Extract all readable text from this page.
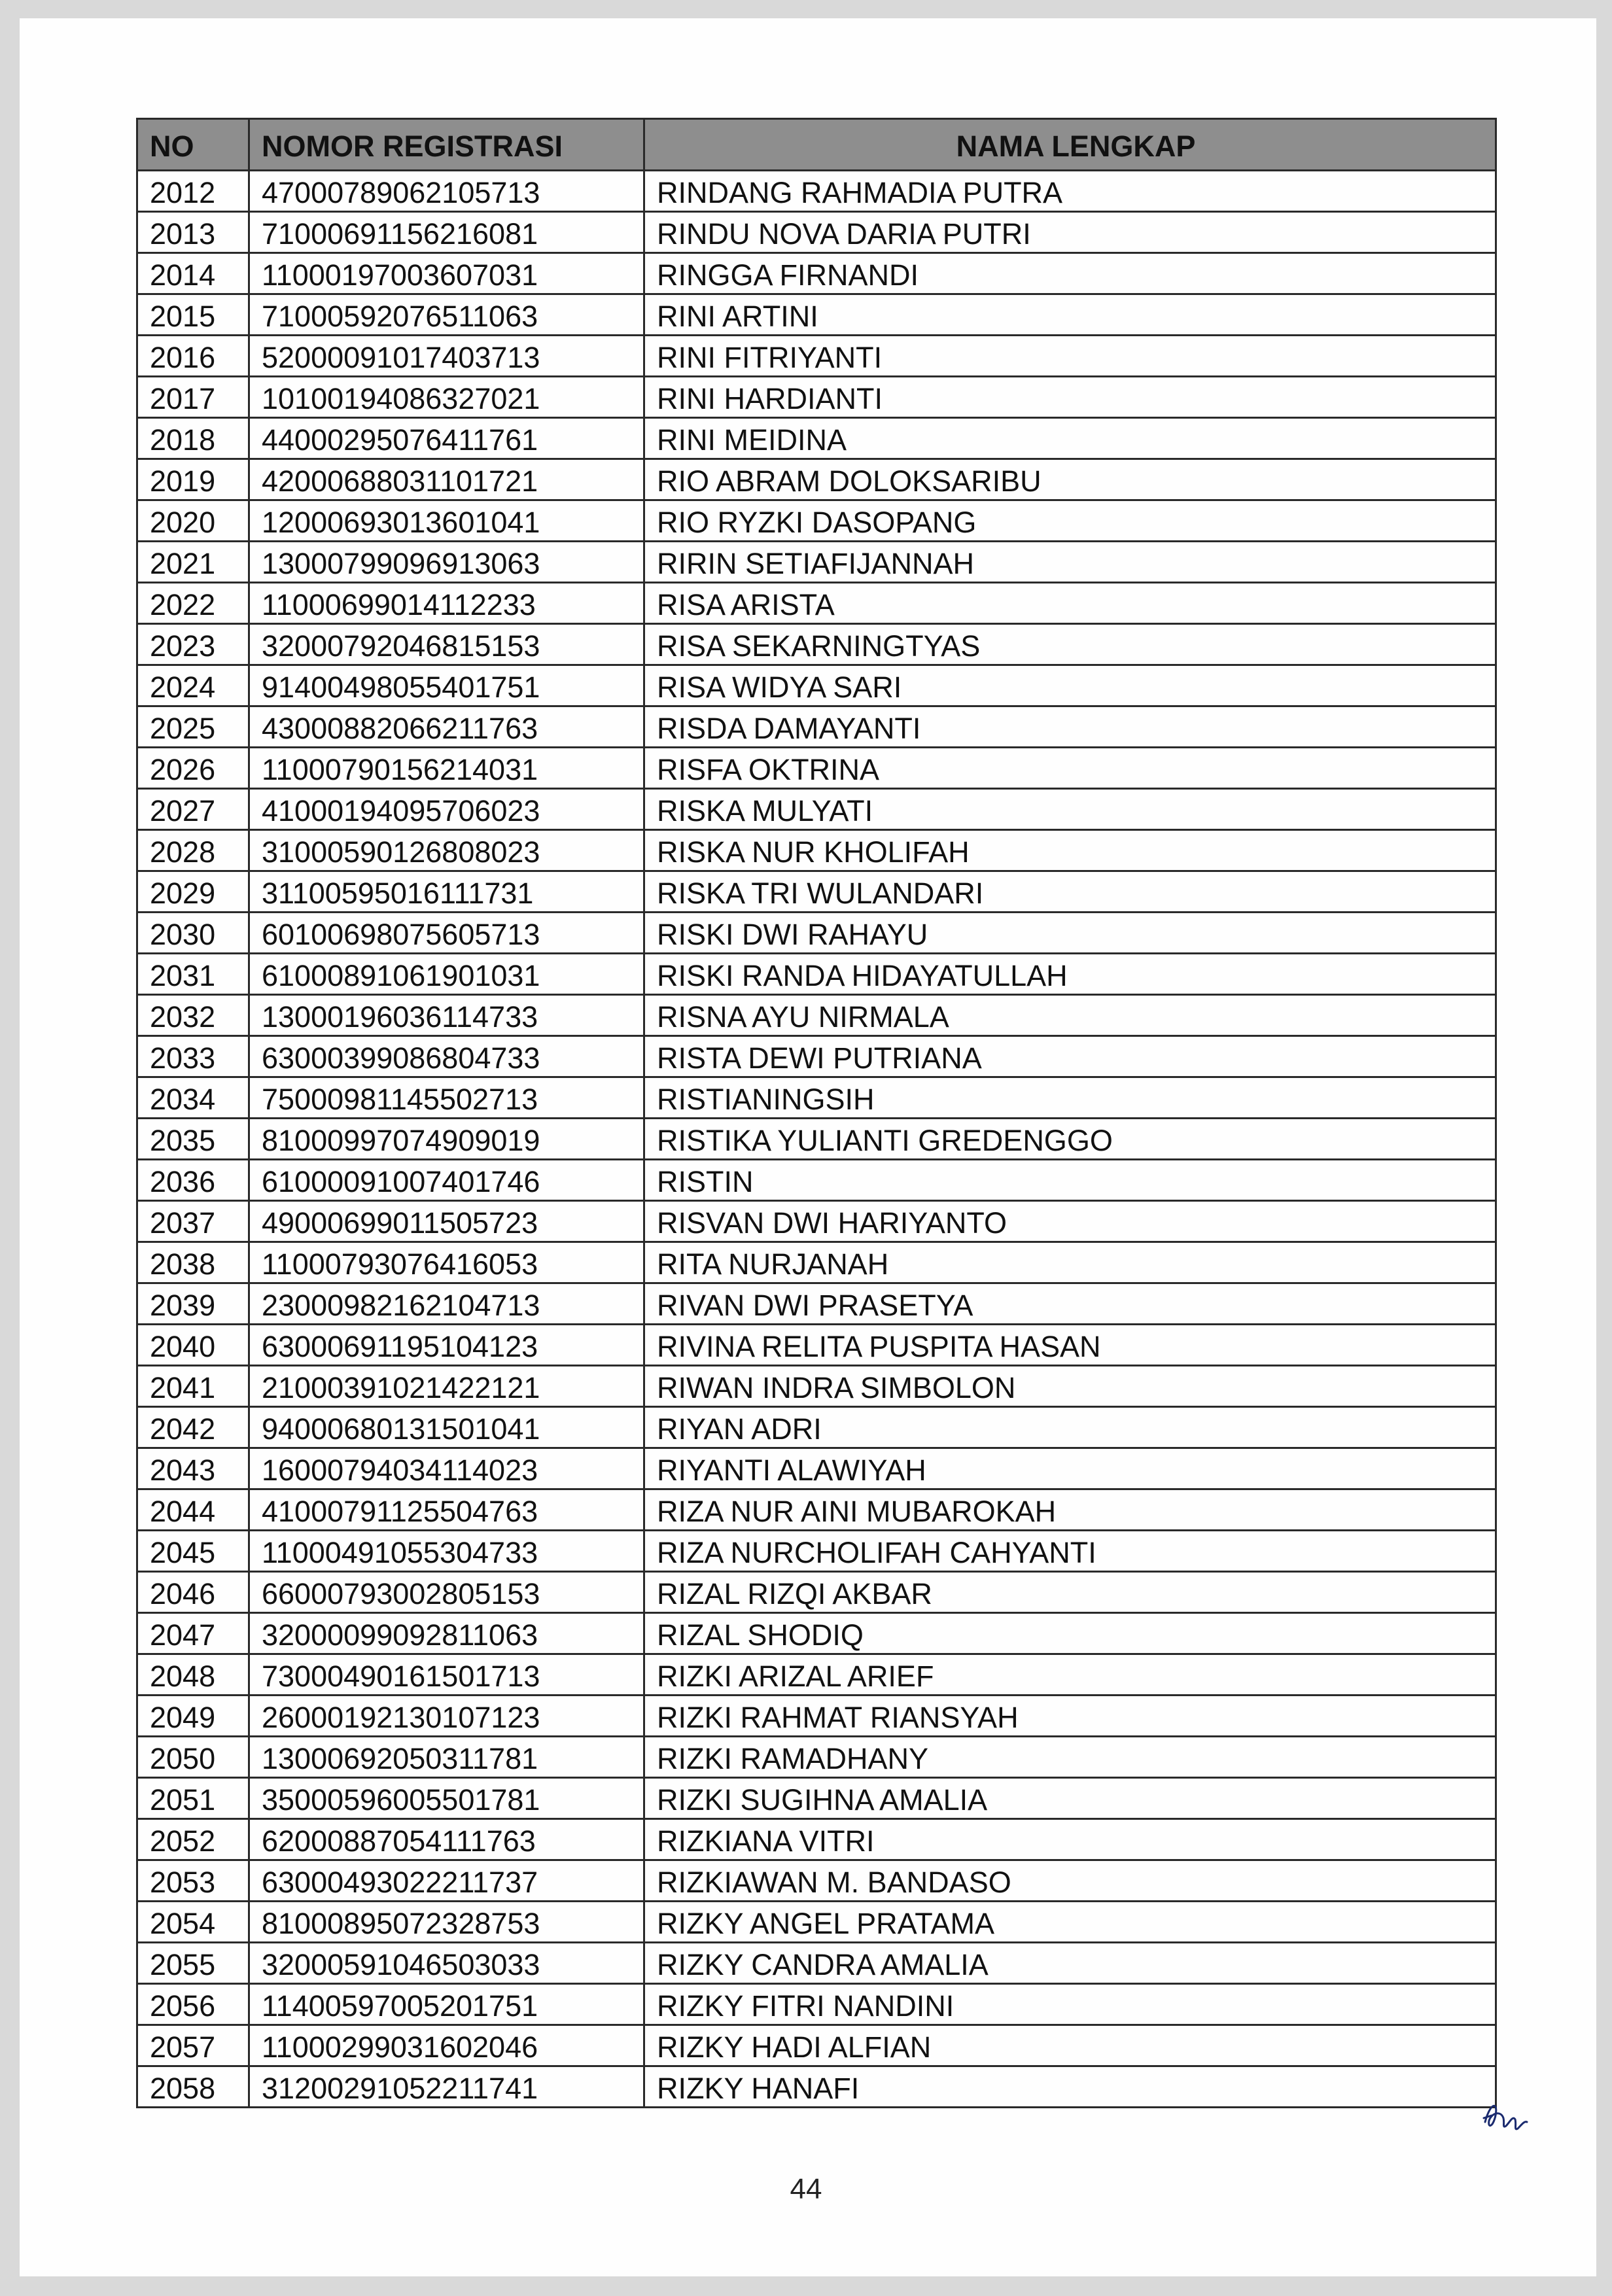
NO	NOMOR REGISTRASI	NAMA LENGKAP
2012	47000789062105713	RINDANG RAHMADIA PUTRA
2013	71000691156216081	RINDU NOVA DARIA PUTRI
2014	11000197003607031	RINGGA FIRNANDI
2015	71000592076511063	RINI ARTINI
2016	52000091017403713	RINI FITRIYANTI
2017	10100194086327021	RINI HARDIANTI
2018	44000295076411761	RINI MEIDINA
2019	42000688031101721	RIO ABRAM DOLOKSARIBU
2020	12000693013601041	RIO RYZKI DASOPANG
2021	13000799096913063	RIRIN SETIAFIJANNAH
2022	11000699014112233	RISA ARISTA
2023	32000792046815153	RISA SEKARNINGTYAS
2024	91400498055401751	RISA WIDYA SARI
2025	43000882066211763	RISDA DAMAYANTI
2026	11000790156214031	RISFA OKTRINA
2027	41000194095706023	RISKA MULYATI
2028	31000590126808023	RISKA NUR KHOLIFAH
2029	31100595016111731	RISKA TRI WULANDARI
2030	60100698075605713	RISKI DWI RAHAYU
2031	61000891061901031	RISKI RANDA HIDAYATULLAH
2032	13000196036114733	RISNA AYU NIRMALA
2033	63000399086804733	RISTA DEWI PUTRIANA
2034	75000981145502713	RISTIANINGSIH
2035	81000997074909019	RISTIKA YULIANTI GREDENGGO
2036	61000091007401746	RISTIN
2037	49000699011505723	RISVAN DWI HARIYANTO
2038	11000793076416053	RITA NURJANAH
2039	23000982162104713	RIVAN DWI PRASETYA
2040	63000691195104123	RIVINA RELITA PUSPITA HASAN
2041	21000391021422121	RIWAN INDRA SIMBOLON
2042	94000680131501041	RIYAN ADRI
2043	16000794034114023	RIYANTI ALAWIYAH
2044	41000791125504763	RIZA NUR AINI MUBAROKAH
2045	11000491055304733	RIZA NURCHOLIFAH CAHYANTI
2046	66000793002805153	RIZAL RIZQI AKBAR
2047	32000099092811063	RIZAL SHODIQ
2048	73000490161501713	RIZKI ARIZAL ARIEF
2049	26000192130107123	RIZKI RAHMAT RIANSYAH
2050	13000692050311781	RIZKI RAMADHANY
2051	35000596005501781	RIZKI SUGIHNA AMALIA
2052	62000887054111763	RIZKIANA VITRI
2053	63000493022211737	RIZKIAWAN M. BANDASO
2054	81000895072328753	RIZKY ANGEL PRATAMA
2055	32000591046503033	RIZKY CANDRA AMALIA
2056	11400597005201751	RIZKY FITRI NANDINI
2057	11000299031602046	RIZKY HADI ALFIAN
2058	31200291052211741	RIZKY HANAFI
44
